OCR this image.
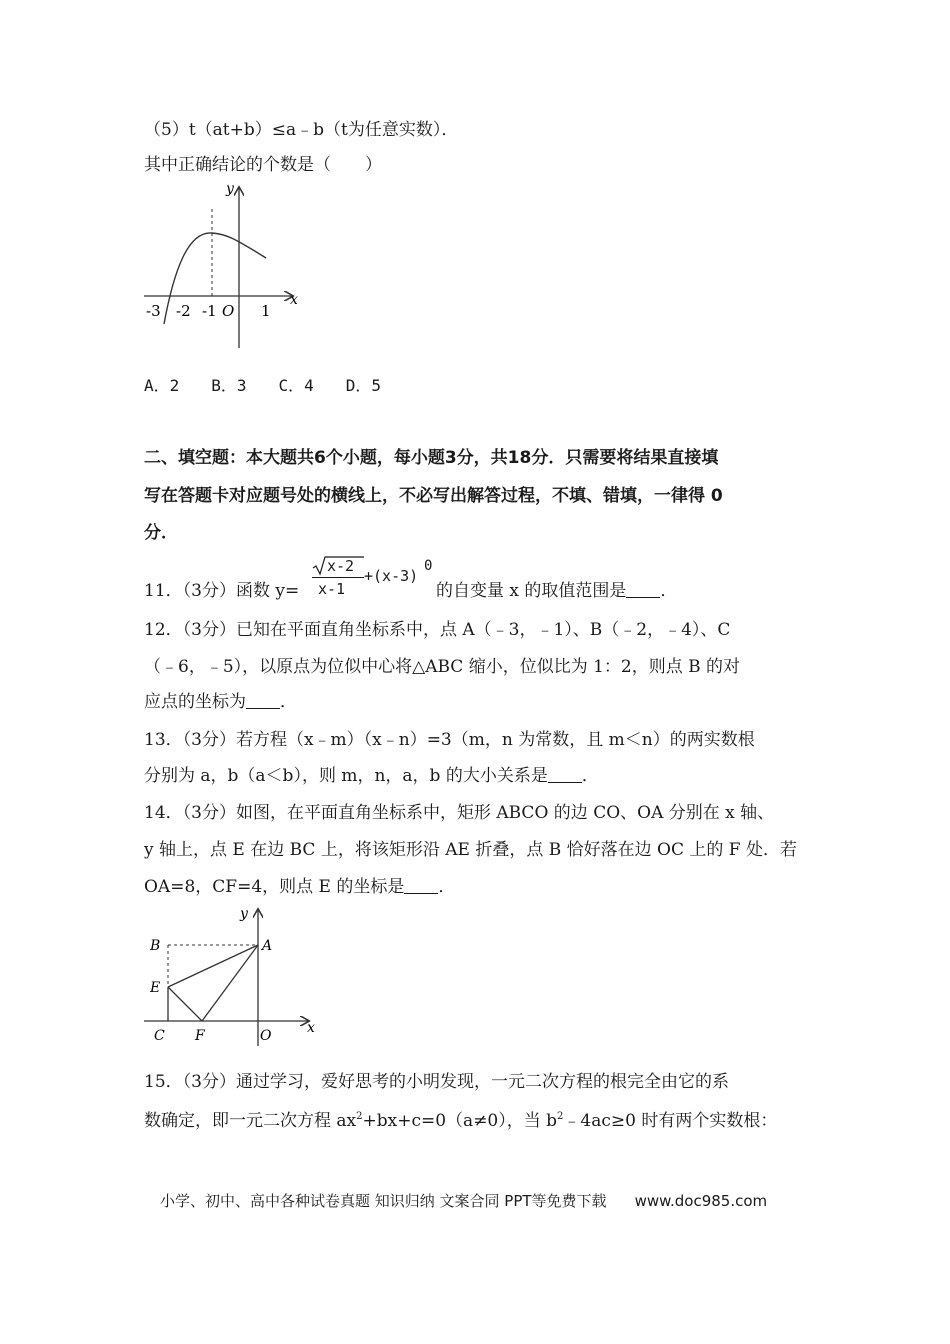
（5）t（at+b）≤a﹣b（t为任意实数）．
其中正确结论的个数是（　　）
y
x
-3 -2 -1 O 1
A．2　　B．3　　C．4　　D．5
二、填空题：本大题共6个小题，每小题3分，共18分．只需要将结果直接填
写在答题卡对应题号处的横线上，不必写出解答过程，不填、错填，一律得 0
分．
11．（3分）函数 y=
x-2
x-1
+(x-3)
0
的自变量 x 的取值范围是 ．
12．（3分）已知在平面直角坐标系中，点 A（﹣3，﹣1）、B（﹣2，﹣4）、C
（﹣6，﹣5），以原点为位似中心将△ABC 缩小，位似比为 1：2，则点 B 的对
应点的坐标为 ．
13．（3分）若方程（x﹣m）（x﹣n）=3（m，n 为常数，且 m＜n）的两实数根
分别为 a，b（a＜b），则 m，n，a，b 的大小关系是 ．
14．（3分）如图，在平面直角坐标系中，矩形 ABCO 的边 CO、OA 分别在 x 轴、
y 轴上，点 E 在边 BC 上，将该矩形沿 AE 折叠，点 B 恰好落在边 OC 上的 F 处．若
OA=8，CF=4，则点 E 的坐标是 ．
y
x
B	A
E
C F	O
15．（3分）通过学习，爱好思考的小明发现，一元二次方程的根完全由它的系
数确定，即一元二次方程 $ax^2+bx+c=0(a\ne 0)$，当 $b^2﹣4ac\ge 0$ 时有两个实数根：
小学、初中、高中各种试卷真题 知识归纳 文案合同 PPT等免费下载 www.doc985.com
